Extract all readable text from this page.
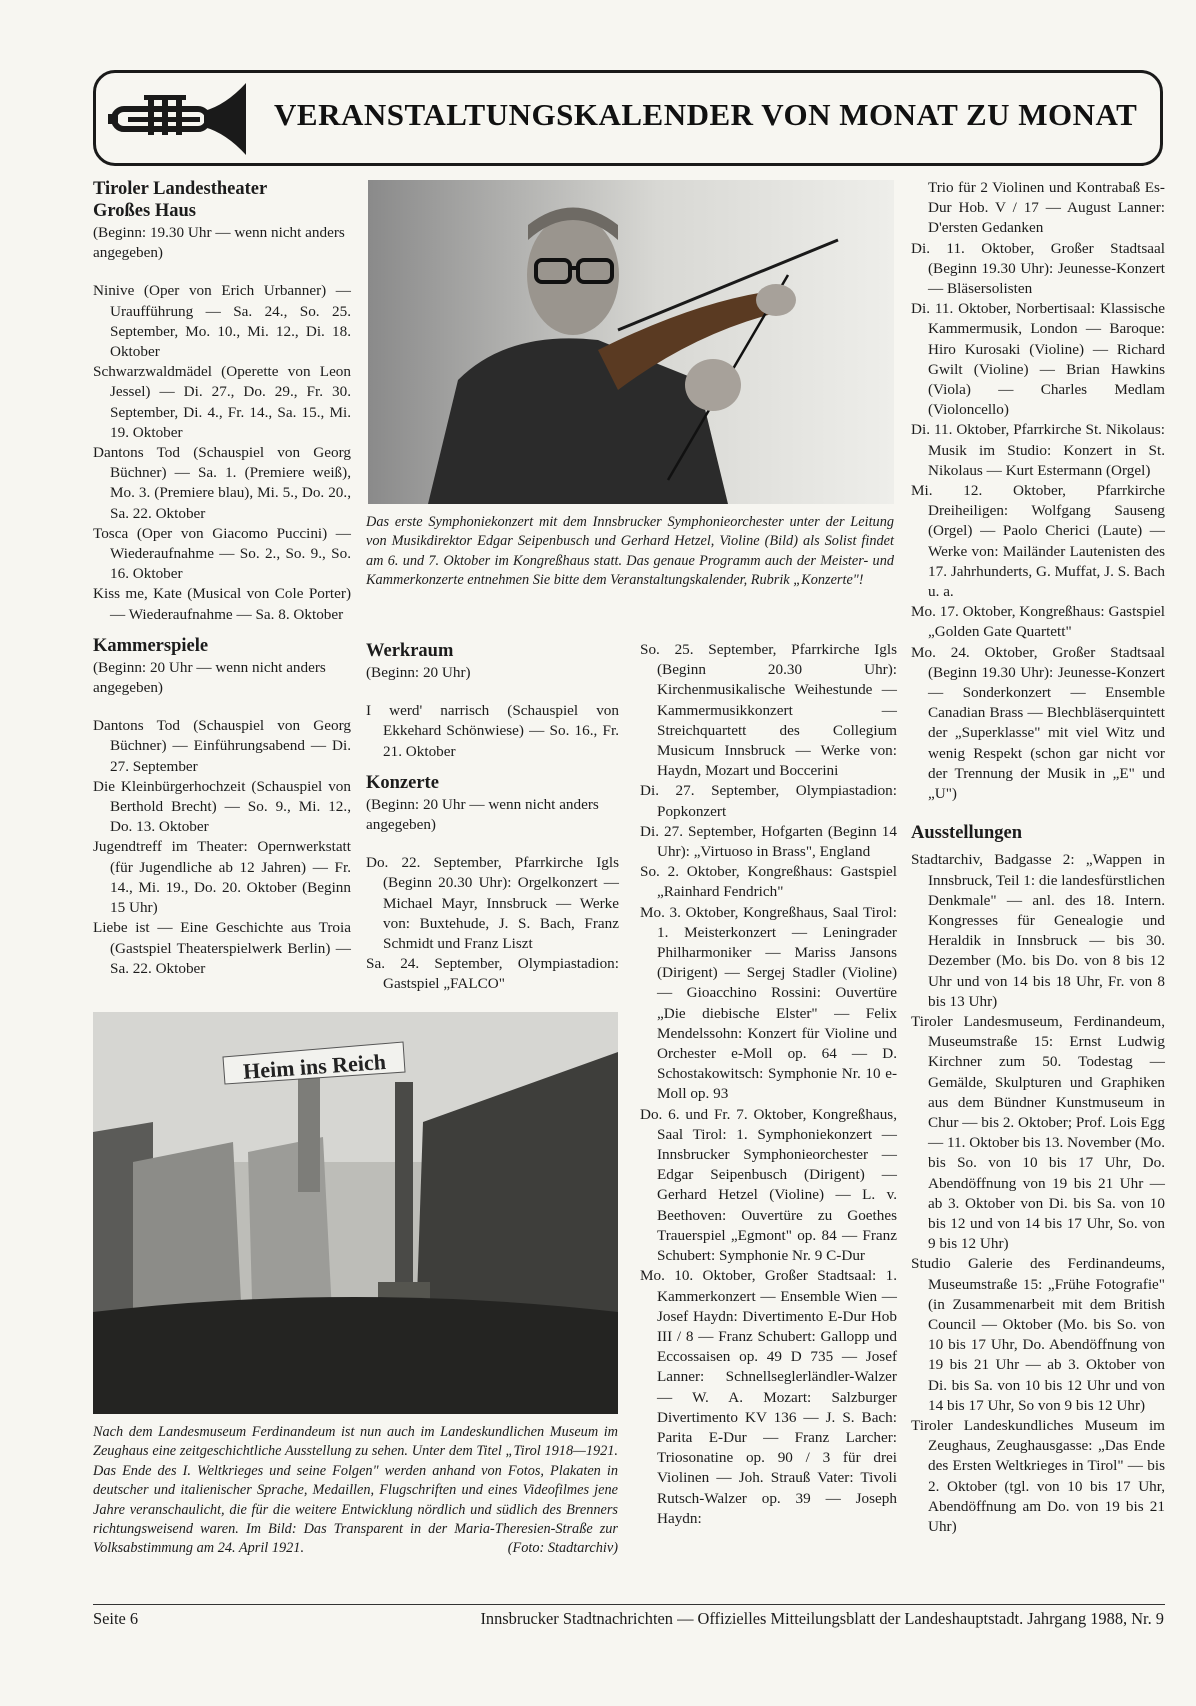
VERANSTALTUNGSKALENDER VON MONAT ZU MONAT
Tiroler Landestheater
Großes Haus

(Beginn: 19.30 Uhr — wenn nicht anders angegeben)

Ninive (Oper von Erich Urbanner) — Uraufführung — Sa. 24., So. 25. September, Mo. 10., Mi. 12., Di. 18. Oktober

Schwarzwaldmädel (Operette von Leon Jessel) — Di. 27., Do. 29., Fr. 30. September, Di. 4., Fr. 14., Sa. 15., Mi. 19. Oktober

Dantons Tod (Schauspiel von Georg Büchner) — Sa. 1. (Premiere weiß), Mo. 3. (Premiere blau), Mi. 5., Do. 20., Sa. 22. Oktober

Tosca (Oper von Giacomo Puccini) — Wiederaufnahme — So. 2., So. 9., So. 16. Oktober

Kiss me, Kate (Musical von Cole Porter) — Wiederaufnahme — Sa. 8. Oktober

Kammerspiele

(Beginn: 20 Uhr — wenn nicht anders angegeben)

Dantons Tod (Schauspiel von Georg Büchner) — Einführungsabend — Di. 27. September

Die Kleinbürgerhochzeit (Schauspiel von Berthold Brecht) — So. 9., Mi. 12., Do. 13. Oktober

Jugendtreff im Theater: Opernwerkstatt (für Jugendliche ab 12 Jahren) — Fr. 14., Mi. 19., Do. 20. Oktober (Beginn 15 Uhr)

Liebe ist — Eine Geschichte aus Troia (Gastspiel Theaterspielwerk Berlin) — Sa. 22. Oktober

Das erste Symphoniekonzert mit dem Innsbrucker Symphonieorchester unter der Leitung von Musikdirektor Edgar Seipenbusch und Gerhard Hetzel, Violine (Bild) als Solist findet am 6. und 7. Oktober im Kongreßhaus statt. Das genaue Programm auch der Meister- und Kammerkonzerte entnehmen Sie bitte dem Veranstaltungskalender, Rubrik „Konzerte"!
Werkraum

(Beginn: 20 Uhr)

I werd' narrisch (Schauspiel von Ekkehard Schönwiese) — So. 16., Fr. 21. Oktober

Konzerte

(Beginn: 20 Uhr — wenn nicht anders angegeben)

Do. 22. September, Pfarrkirche Igls (Beginn 20.30 Uhr): Orgelkonzert — Michael Mayr, Innsbruck — Werke von: Buxtehude, J. S. Bach, Franz Schmidt und Franz Liszt

Sa. 24. September, Olympiastadion: Gastspiel „FALCO"

Heim ins Reich
Nach dem Landesmuseum Ferdinandeum ist nun auch im Landeskundlichen Museum im Zeughaus eine zeitgeschichtliche Ausstellung zu sehen. Unter dem Titel „Tirol 1918—1921. Das Ende des I. Weltkrieges und seine Folgen" werden anhand von Fotos, Plakaten in deutscher und italienischer Sprache, Medaillen, Flugschriften und eines Videofilmes jene Jahre veranschaulicht, die für die weitere Entwicklung nördlich und südlich des Brenners richtungsweisend waren. Im Bild: Das Transparent in der Maria-Theresien-Straße zur Volksabstimmung am 24. April 1921.	(Foto: Stadtarchiv)

So. 25. September, Pfarrkirche Igls (Beginn 20.30 Uhr): Kirchenmusikalische Weihestunde — Kammermusikkonzert — Streichquartett des Collegium Musicum Innsbruck — Werke von: Haydn, Mozart und Boccerini

Di. 27. September, Olympiastadion: Popkonzert

Di. 27. September, Hofgarten (Beginn 14 Uhr): „Virtuoso in Brass", England

So. 2. Oktober, Kongreßhaus: Gastspiel „Rainhard Fendrich"

Mo. 3. Oktober, Kongreßhaus, Saal Tirol: 1. Meisterkonzert — Leningrader Philharmoniker — Mariss Jansons (Dirigent) — Sergej Stadler (Violine) — Gioacchino Rossini: Ouvertüre „Die diebische Elster" — Felix Mendelssohn: Konzert für Violine und Orchester e-Moll op. 64 — D. Schostakowitsch: Symphonie Nr. 10 e-Moll op. 93

Do. 6. und Fr. 7. Oktober, Kongreßhaus, Saal Tirol: 1. Symphoniekonzert — Innsbrucker Symphonieorchester — Edgar Seipenbusch (Dirigent) — Gerhard Hetzel (Violine) — L. v. Beethoven: Ouvertüre zu Goethes Trauerspiel „Egmont" op. 84 — Franz Schubert: Symphonie Nr. 9 C-Dur

Mo. 10. Oktober, Großer Stadtsaal: 1. Kammerkonzert — Ensemble Wien — Josef Haydn: Divertimento E-Dur Hob III / 8 — Franz Schubert: Gallopp und Eccossaisen op. 49 D 735 — Josef Lanner: Schnellsegler​ländler-Walzer — W. A. Mozart: Salzburger Divertimento KV 136 — J. S. Bach: Parita E-Dur — Franz Larcher: Triosonatine op. 90 / 3 für drei Violinen — Joh. Strauß Vater: Tivoli Rutsch-Walzer op. 39 — Joseph Haydn:

Trio für 2 Violinen und Kontrabaß Es-Dur Hob. V / 17 — August Lanner: D'ersten Gedanken

Di. 11. Oktober, Großer Stadtsaal (Beginn 19.30 Uhr): Jeunesse-Konzert — Bläsersolisten

Di. 11. Oktober, Norbertisaal: Klassische Kammermusik, London — Baroque: Hiro Kurosaki (Violine) — Richard Gwilt (Violine) — Brian Hawkins (Viola) — Charles Medlam (Violoncello)

Di. 11. Oktober, Pfarrkirche St. Nikolaus: Musik im Studio: Konzert in St. Nikolaus — Kurt Estermann (Orgel)

Mi. 12. Oktober, Pfarrkirche Dreiheiligen: Wolfgang Sauseng (Orgel) — Paolo Cherici (Laute) — Werke von: Mailänder Lautenisten des 17. Jahrhunderts, G. Muffat, J. S. Bach u. a.

Mo. 17. Oktober, Kongreßhaus: Gastspiel „Golden Gate Quartett"

Mo. 24. Oktober, Großer Stadtsaal (Beginn 19.30 Uhr): Jeunesse-Konzert — Sonderkonzert — Ensemble Canadian Brass — Blechbläserquintett der „Superklasse" mit viel Witz und wenig Respekt (schon gar nicht vor der Trennung der Musik in „E" und „U")

Ausstellungen

Stadtarchiv, Badgasse 2: „Wappen in Innsbruck, Teil 1: die landesfürstlichen Denkmale" — anl. des 18. Intern. Kongresses für Genealogie und Heraldik in Innsbruck — bis 30. Dezember (Mo. bis Do. von 8 bis 12 Uhr und von 14 bis 18 Uhr, Fr. von 8 bis 13 Uhr)

Tiroler Landesmuseum, Ferdinandeum, Museumstraße 15: Ernst Ludwig Kirchner zum 50. Todestag — Gemälde, Skulpturen und Graphiken aus dem Bündner Kunstmuseum in Chur — bis 2. Oktober; Prof. Lois Egg — 11. Oktober bis 13. November (Mo. bis So. von 10 bis 17 Uhr, Do. Abendöffnung von 19 bis 21 Uhr — ab 3. Oktober von Di. bis Sa. von 10 bis 12 und von 14 bis 17 Uhr, So. von 9 bis 12 Uhr)

Studio Galerie des Ferdinandeums, Museumstraße 15: „Frühe Fotografie" (in Zusammenarbeit mit dem British Council — Oktober (Mo. bis So. von 10 bis 17 Uhr, Do. Abendöffnung von 19 bis 21 Uhr — ab 3. Oktober von Di. bis Sa. von 10 bis 12 Uhr und von 14 bis 17 Uhr, So von 9 bis 12 Uhr)

Tiroler Landeskundliches Museum im Zeughaus, Zeughausgasse: „Das Ende des Ersten Weltkrieges in Tirol" — bis 2. Oktober (tgl. von 10 bis 17 Uhr, Abendöffnung am Do. von 19 bis 21 Uhr)

Seite 6	Innsbrucker Stadtnachrichten — Offizielles Mitteilungsblatt der Landeshauptstadt. Jahrgang 1988, Nr. 9
